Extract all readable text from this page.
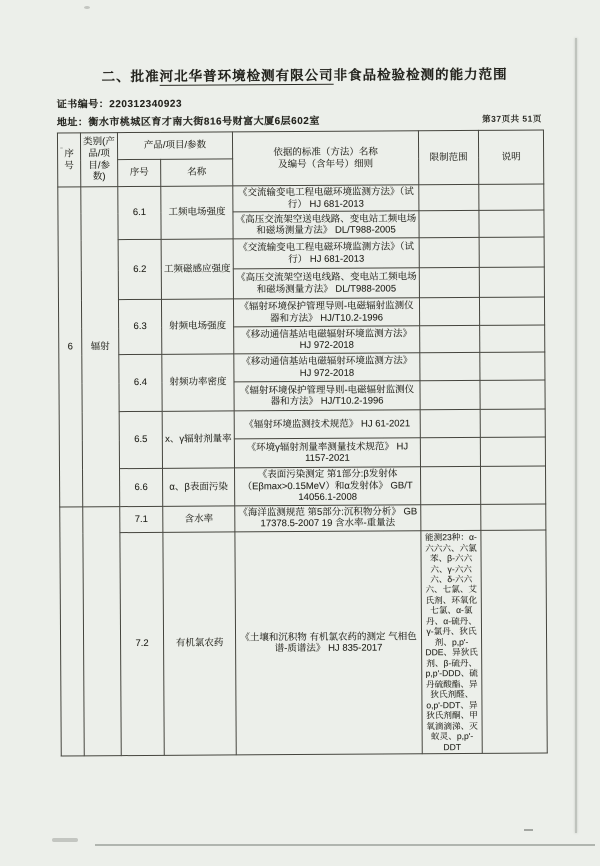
二、批准河北华普环境检测有限公司非食品检验检测的能力范围
证书编号：220312340923
地址：衡水市桃城区育才南大街816号财富大厦6层602室	第37页共 51页
序号	类别(产品/项目/参数)	产品/项目/参数		依据的标准（方法）名称
及编号（含年号）细则	限制范围	说明
		序号	名称			
6	辐射	6.1	工频电场强度	《交流输变电工程电磁环境监测方法》（试行） HJ 681-2013		
				《高压交流架空送电线路、变电站工频电场和磁场测量方法》 DL/T988-2005		
		6.2	工频磁感应强度	《交流输变电工程电磁环境监测方法》（试行） HJ 681-2013		
				《高压交流架空送电线路、变电站工频电场和磁场测量方法》 DL/T988-2005		
		6.3	射频电场强度	《辐射环境保护管理导则-电磁辐射监测仪器和方法》 HJ/T10.2-1996		
				《移动通信基站电磁辐射环境监测方法》 HJ 972-2018		
		6.4	射频功率密度	《移动通信基站电磁辐射环境监测方法》 HJ 972-2018		
				《辐射环境保护管理导则-电磁辐射监测仪器和方法》 HJ/T10.2-1996		
		6.5	x、γ辐射剂量率	《辐射环境监测技术规范》 HJ 61-2021		
				《环境γ辐射剂量率测量技术规范》 HJ 1157-2021		
		6.6	α、β表面污染	《表面污染测定 第1部分:β发射体（Eβmax>0.15MeV）和α发射体》 GB/T 14056.1-2008		
		7.1	含水率	《海洋监测规范 第5部分:沉积物分析》 GB 17378.5-2007 19 含水率-重量法		
		7.2	有机氯农药	《土壤和沉积物 有机氯农药的测定 气相色谱-质谱法》 HJ 835-2017	能测23种：α-六六六、六氯苯、β-六六六、γ-六六六、δ-六六六、七氯、艾氏剂、环氧化七氯、α-氯丹、α-硫丹、γ-氯丹、狄氏剂、p,p'-DDE、异狄氏剂、β-硫丹、p,p'-DDD、硫丹硫酸酯、异狄氏剂醛、o,p'-DDT、异狄氏剂酮、甲氧滴滴涕、灭蚁灵、p,p'-DDT	
